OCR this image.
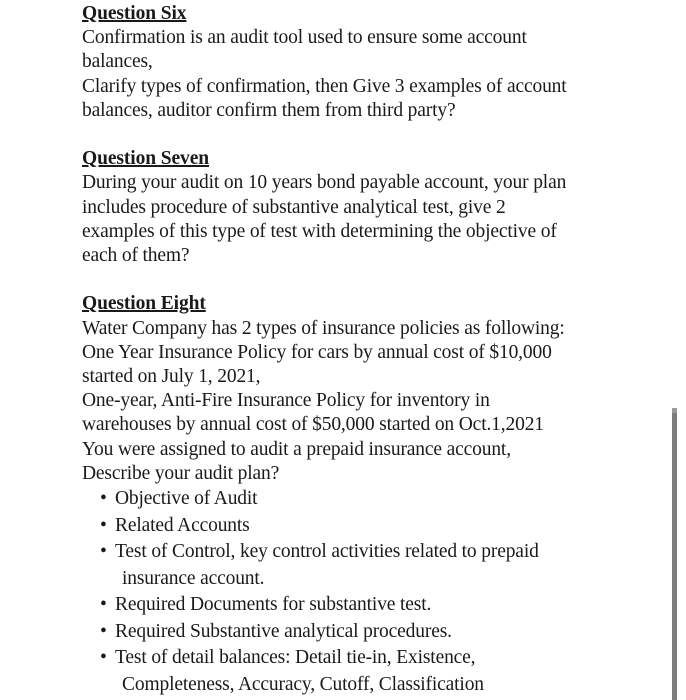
Question Six
Confirmation is an audit tool used to ensure some account
balances,
Clarify types of confirmation, then Give 3 examples of account
balances, auditor confirm them from third party?
Question Seven
During your audit on 10 years bond payable account, your plan
includes procedure of substantive analytical test, give 2
examples of this type of test with determining the objective of
each of them?
Question Eight
Water Company has 2 types of insurance policies as following:
One Year Insurance Policy for cars by annual cost of $10,000
started on July 1, 2021,
One-year, Anti-Fire Insurance Policy for inventory in
warehouses by annual cost of $50,000 started on Oct.1,2021
You were assigned to audit a prepaid insurance account,
Describe your audit plan?
• Objective of Audit
• Related Accounts
• Test of Control, key control activities related to prepaid
insurance account.
• Required Documents for substantive test.
• Required Substantive analytical procedures.
• Test of detail balances: Detail tie-in, Existence,
Completeness, Accuracy, Cutoff, Classification
